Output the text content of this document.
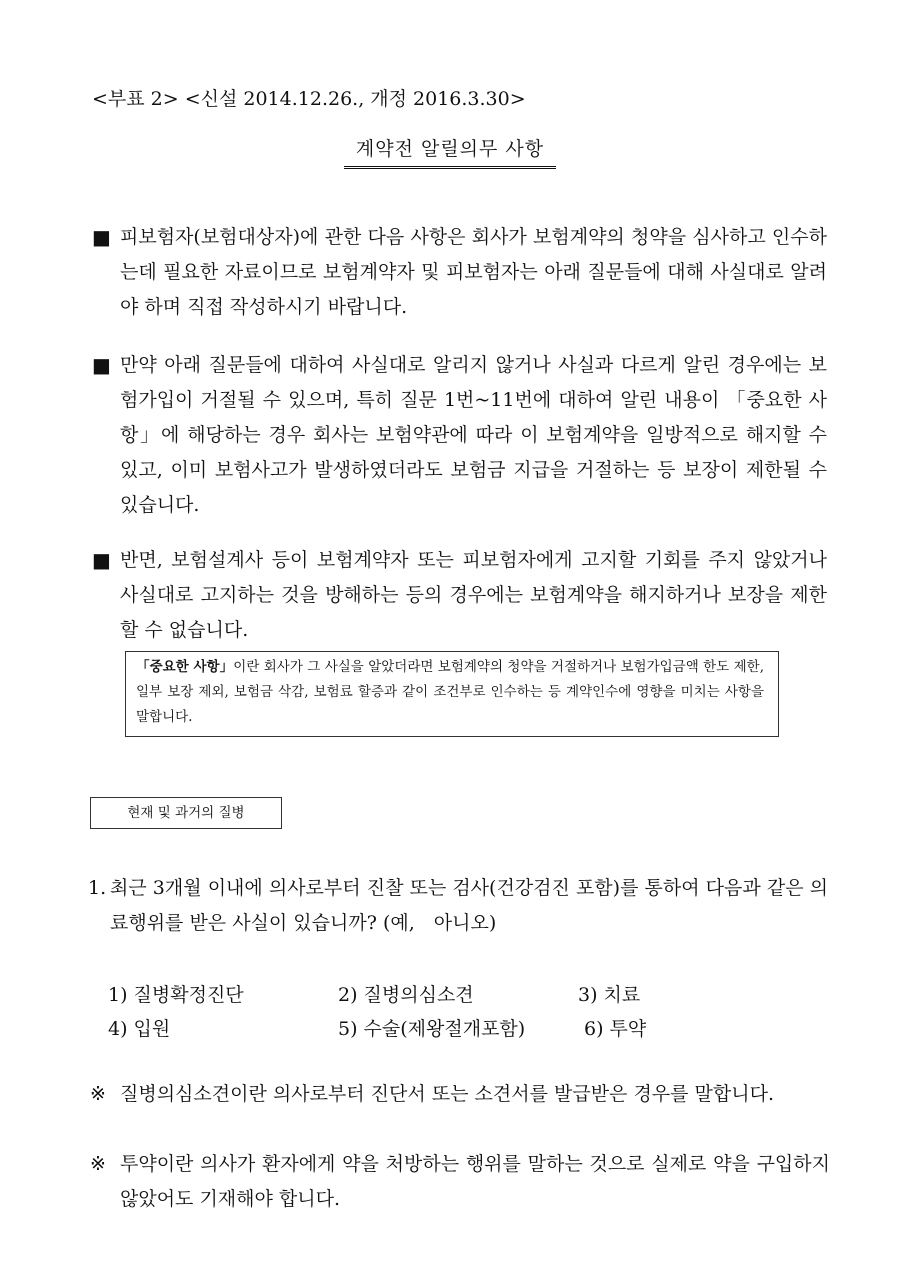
<부표 2> <신설 2014.12.26., 개정 2016.3.30>
계약전 알릴의무 사항
■ 피보험자(보험대상자)에 관한 다음 사항은 회사가 보험계약의 청약을 심사하고 인수하는데 필요한 자료이므로 보험계약자 및 피보험자는 아래 질문들에 대해 사실대로 알려야 하며 직접 작성하시기 바랍니다.
■ 만약 아래 질문들에 대하여 사실대로 알리지 않거나 사실과 다르게 알린 경우에는 보험가입이 거절될 수 있으며, 특히 질문 1번~11번에 대하여 알린 내용이 「중요한 사항」에 해당하는 경우 회사는 보험약관에 따라 이 보험계약을 일방적으로 해지할 수 있고, 이미 보험사고가 발생하였더라도 보험금 지급을 거절하는 등 보장이 제한될 수 있습니다.
■ 반면, 보험설계사 등이 보험계약자 또는 피보험자에게 고지할 기회를 주지 않았거나 사실대로 고지하는 것을 방해하는 등의 경우에는 보험계약을 해지하거나 보장을 제한할 수 없습니다.
「중요한 사항」이란 회사가 그 사실을 알았더라면 보험계약의 청약을 거절하거나 보험가입금액 한도 제한, 일부 보장 제외, 보험금 삭감, 보험료 할증과 같이 조건부로 인수하는 등 계약인수에 영향을 미치는 사항을 말합니다.
현재 및 과거의 질병
1. 최근 3개월 이내에 의사로부터 진찰 또는 검사(건강검진 포함)를 통하여 다음과 같은 의료행위를 받은 사실이 있습니까? (예,　아니오)
1) 질병확정진단	2) 질병의심소견	3) 치료
4) 입원	5) 수술(제왕절개포함)	6) 투약
※ 질병의심소견이란 의사로부터 진단서 또는 소견서를 발급받은 경우를 말합니다.
※ 투약이란 의사가 환자에게 약을 처방하는 행위를 말하는 것으로 실제로 약을 구입하지 않았어도 기재해야 합니다.
